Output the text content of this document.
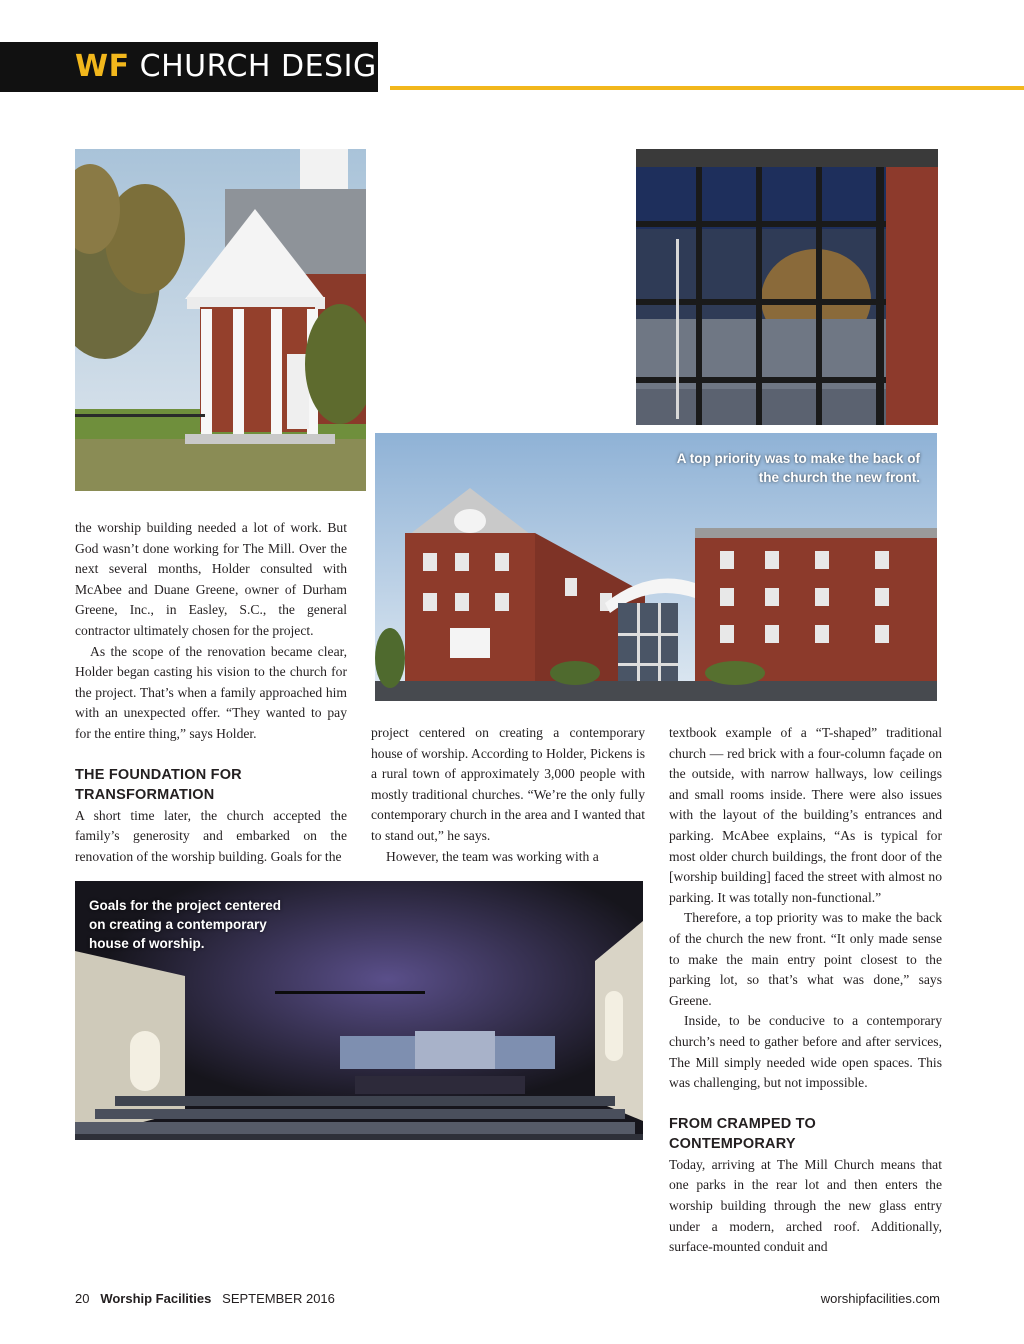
WF CHURCH DESIGN
A top priority was to make the back of
the church the new front.
Goals for the project centered
on creating a contemporary
house of worship.

the worship building needed a lot of work. But God wasn’t done working for The Mill. Over the next several months, Holder consulted with McAbee and Duane Greene, owner of Durham Greene, Inc., in Easley, S.C., the general contractor ultimately chosen for the project.

As the scope of the renovation became clear, Holder began casting his vision to the church for the project. That’s when a family approached him with an unexpected offer. “They wanted to pay for the entire thing,” says Holder.

THE FOUNDATION FOR
TRANSFORMATION

A short time later, the church accepted the family’s generosity and embarked on the renovation of the worship building. Goals for the

project centered on creating a contemporary house of worship. According to Holder, Pickens is a rural town of approximately 3,000 people with mostly traditional churches. “We’re the only fully contemporary church in the area and I wanted that to stand out,” he says.

However, the team was working with a

textbook example of a “T-shaped” traditional church — red brick with a four-column façade on the outside, with narrow hallways, low ceilings and small rooms inside. There were also issues with the layout of the building’s entrances and parking. McAbee explains, “As is typical for most older church buildings, the front door of the [worship building] faced the street with almost no parking. It was totally non-functional.”

Therefore, a top priority was to make the back of the church the new front. “It only made sense to make the main entry point closest to the parking lot, so that’s what was done,” says Greene.

Inside, to be conducive to a contemporary church’s need to gather before and after services, The Mill simply needed wide open spaces. This was challenging, but not impossible.

FROM CRAMPED TO CONTEMPORARY

Today, arriving at The Mill Church means that one parks in the rear lot and then enters the worship building through the new glass entry under a modern, arched roof. Additionally, surface-mounted conduit and

20 Worship Facilities SEPTEMBER 2016	worshipfacilities.com
